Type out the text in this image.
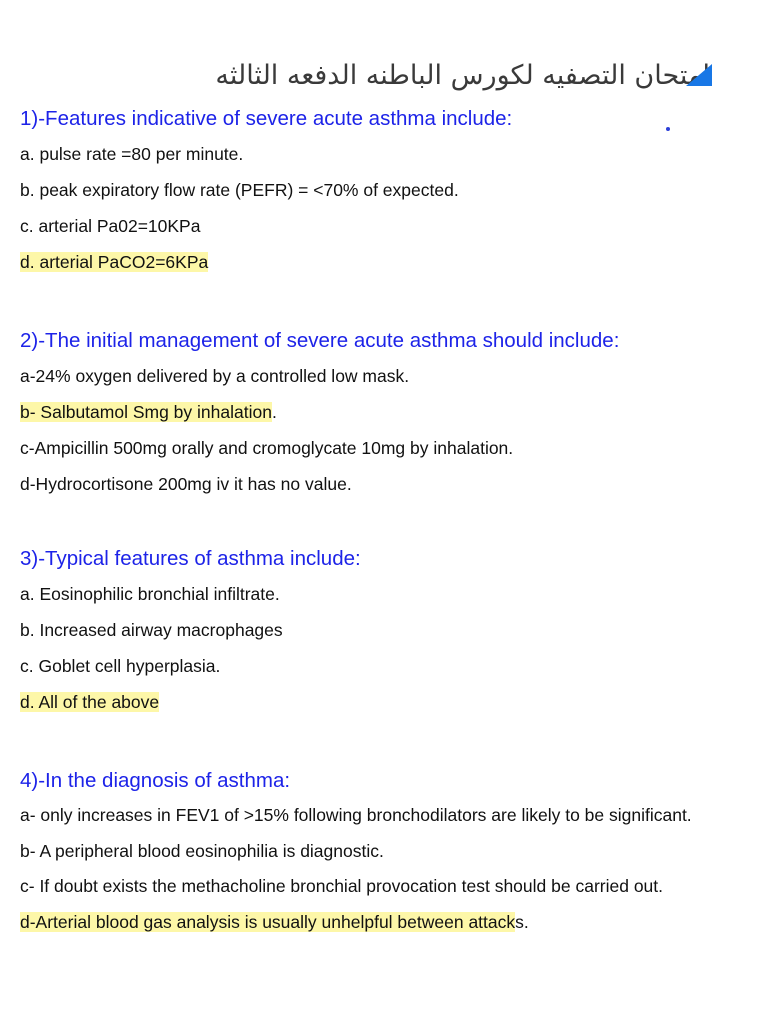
امتحان التصفيه لكورس الباطنه الدفعه الثالثه
1)-Features indicative of severe acute asthma include:
a. pulse rate =80 per minute.
b. peak expiratory flow rate (PEFR) = <70% of expected.
c. arterial Pa02=10KPa
d. arterial PaCO2=6KPa
2)-The initial management of severe acute asthma should include:
a-24% oxygen delivered by a controlled low mask.
b- Salbutamol Smg by inhalation.
c-Ampicillin 500mg orally and cromoglycate 10mg by inhalation.
d-Hydrocortisone 200mg iv it has no value.
3)-Typical features of asthma include:
a. Eosinophilic bronchial infiltrate.
b. Increased airway macrophages
c. Goblet cell hyperplasia.
d. All of the above
4)-In the diagnosis of asthma:
a- only increases in FEV1 of >15% following bronchodilators are likely to be significant.
b- A peripheral blood eosinophilia is diagnostic.
c- If doubt exists the methacholine bronchial provocation test should be carried out.
d-Arterial blood gas analysis is usually unhelpful between attacks.
